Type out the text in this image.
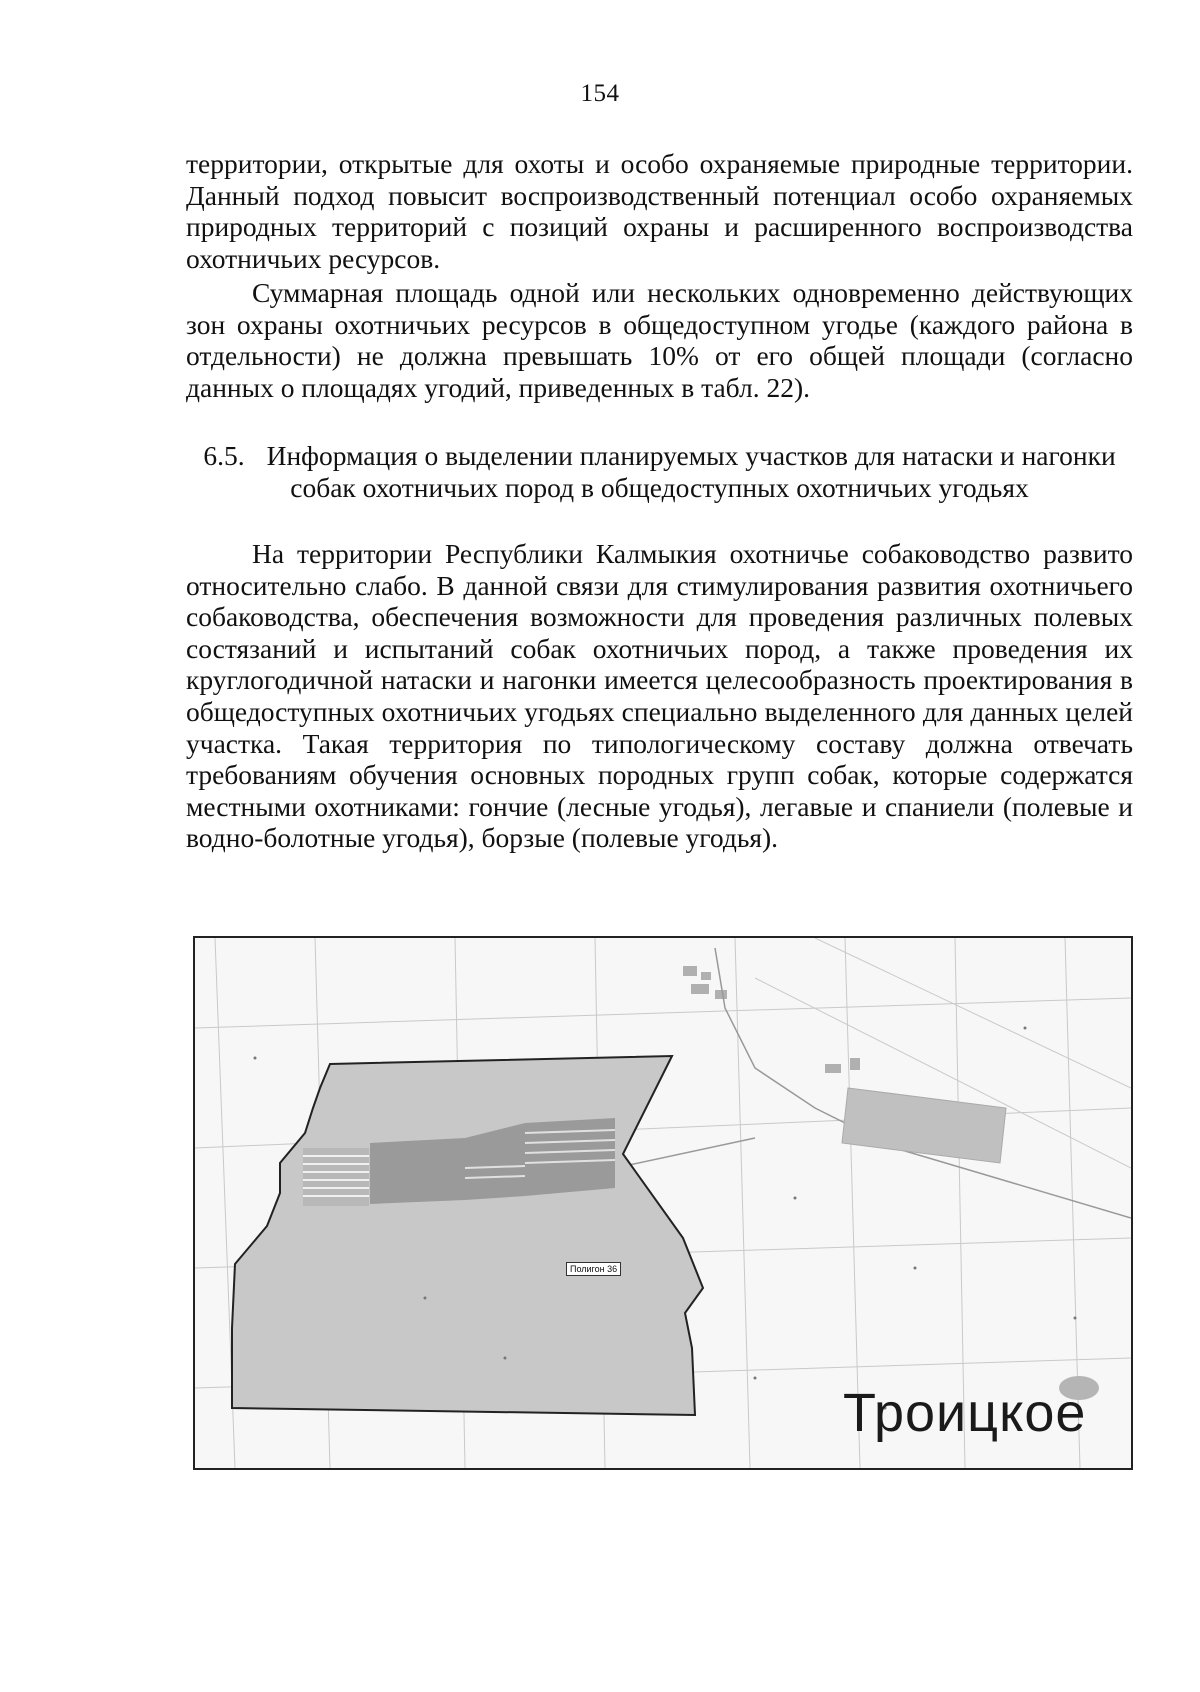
154

территории, открытые для охоты и особо охраняемые природные территории. Данный подход повысит воспроизводственный потенциал особо охраняемых природных территорий с позиций охраны и расширенного воспроизводства охотничьих ресурсов.

Суммарная площадь одной или нескольких одновременно действующих зон охраны охотничьих ресурсов в общедоступном угодье (каждого района в отдельности) не должна превышать 10% от его общей площади (согласно данных о площадях угодий, приведенных в табл. 22).

6.5. Информация о выделении планируемых участков для натаски и нагонки собак охотничьих пород в общедоступных охотничьих угодьях

На территории Республики Калмыкия охотничье собаководство развито относительно слабо. В данной связи для стимулирования развития охотничьего собаководства, обеспечения возможности для проведения различных полевых состязаний и испытаний собак охотничьих пород, а также проведения их круглогодичной натаски и нагонки имеется целесообразность проектирования в общедоступных охотничьих угодьях специально выделенного для данных целей участка. Такая территория по типологическому составу должна отвечать требованиям обучения основных породных групп собак, которые содержатся местными охотниками: гончие (лесные угодья), легавые и спаниели (полевые и водно-болотные угодья), борзые (полевые угодья).

Полигон 36
Троицкое
